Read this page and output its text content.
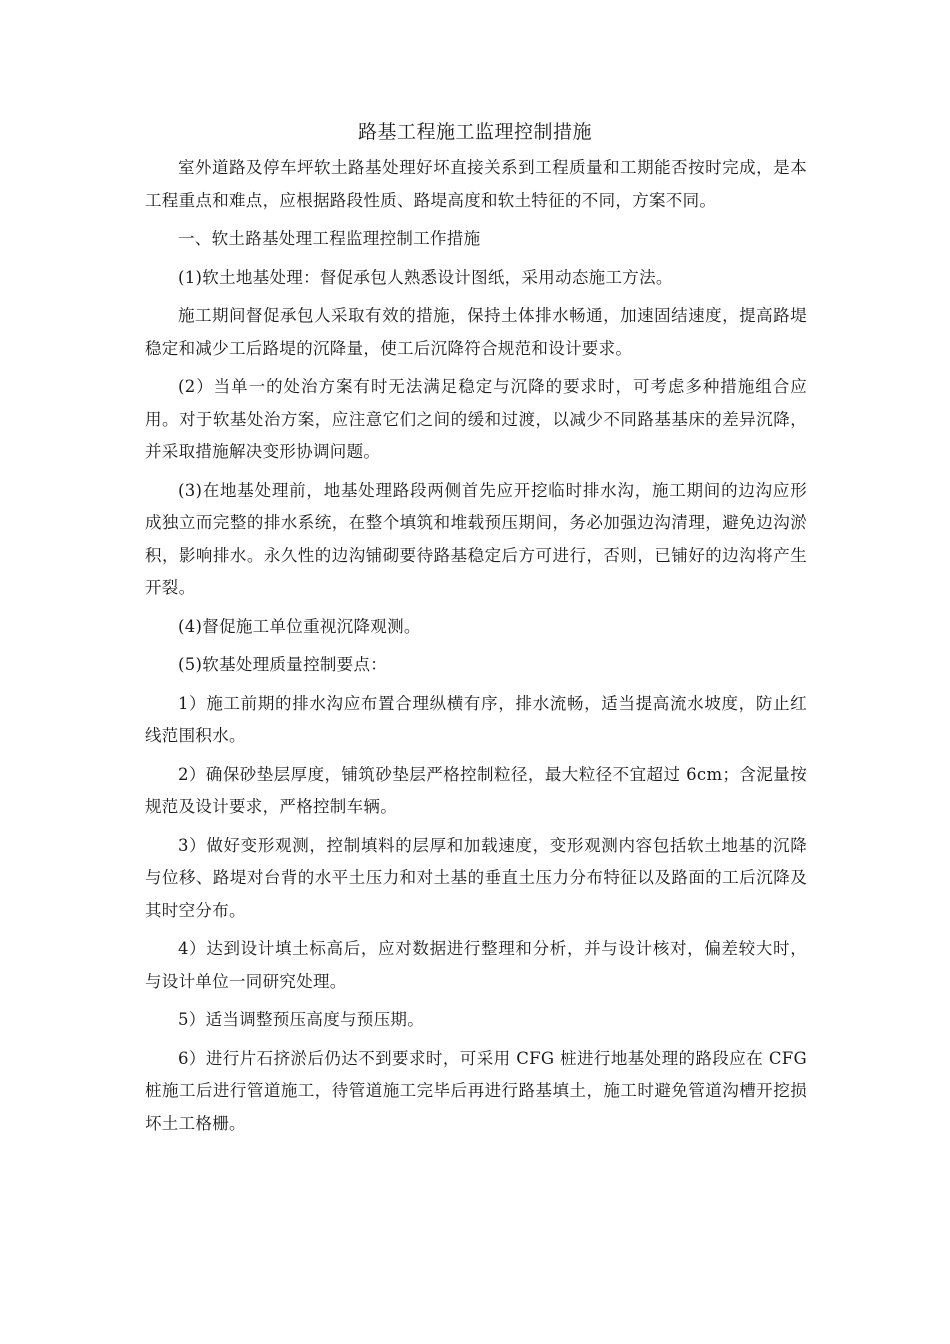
路基工程施工监理控制措施

室外道路及停车坪软土路基处理好坏直接关系到工程质量和工期能否按时完成，是本工程重点和难点，应根据路段性质、路堤高度和软土特征的不同，方案不同。

一、软土路基处理工程监理控制工作措施

(1)软土地基处理：督促承包人熟悉设计图纸，采用动态施工方法。

施工期间督促承包人采取有效的措施，保持土体排水畅通，加速固结速度，提高路堤稳定和减少工后路堤的沉降量，使工后沉降符合规范和设计要求。

(2）当单一的处治方案有时无法满足稳定与沉降的要求时，可考虑多种措施组合应用。对于软基处治方案，应注意它们之间的缓和过渡，以减少不同路基基床的差异沉降，并采取措施解决变形协调问题。

(3)在地基处理前，地基处理路段两侧首先应开挖临时排水沟，施工期间的边沟应形成独立而完整的排水系统，在整个填筑和堆载预压期间，务必加强边沟清理，避免边沟淤积，影响排水。永久性的边沟铺砌要待路基稳定后方可进行，否则，已铺好的边沟将产生开裂。

(4)督促施工单位重视沉降观测。

(5)软基处理质量控制要点：

1）施工前期的排水沟应布置合理纵横有序，排水流畅，适当提高流水坡度，防止红线范围积水。

2）确保砂垫层厚度，铺筑砂垫层严格控制粒径，最大粒径不宜超过 6cm；含泥量按规范及设计要求，严格控制车辆。

3）做好变形观测，控制填料的层厚和加载速度，变形观测内容包括软土地基的沉降与位移、路堤对台背的水平土压力和对土基的垂直土压力分布特征以及路面的工后沉降及其时空分布。

4）达到设计填土标高后，应对数据进行整理和分析，并与设计核对，偏差较大时，与设计单位一同研究处理。

5）适当调整预压高度与预压期。

6）进行片石挤淤后仍达不到要求时，可采用 CFG 桩进行地基处理的路段应在 CFG 桩施工后进行管道施工，待管道施工完毕后再进行路基填土，施工时避免管道沟槽开挖损坏土工格栅。
